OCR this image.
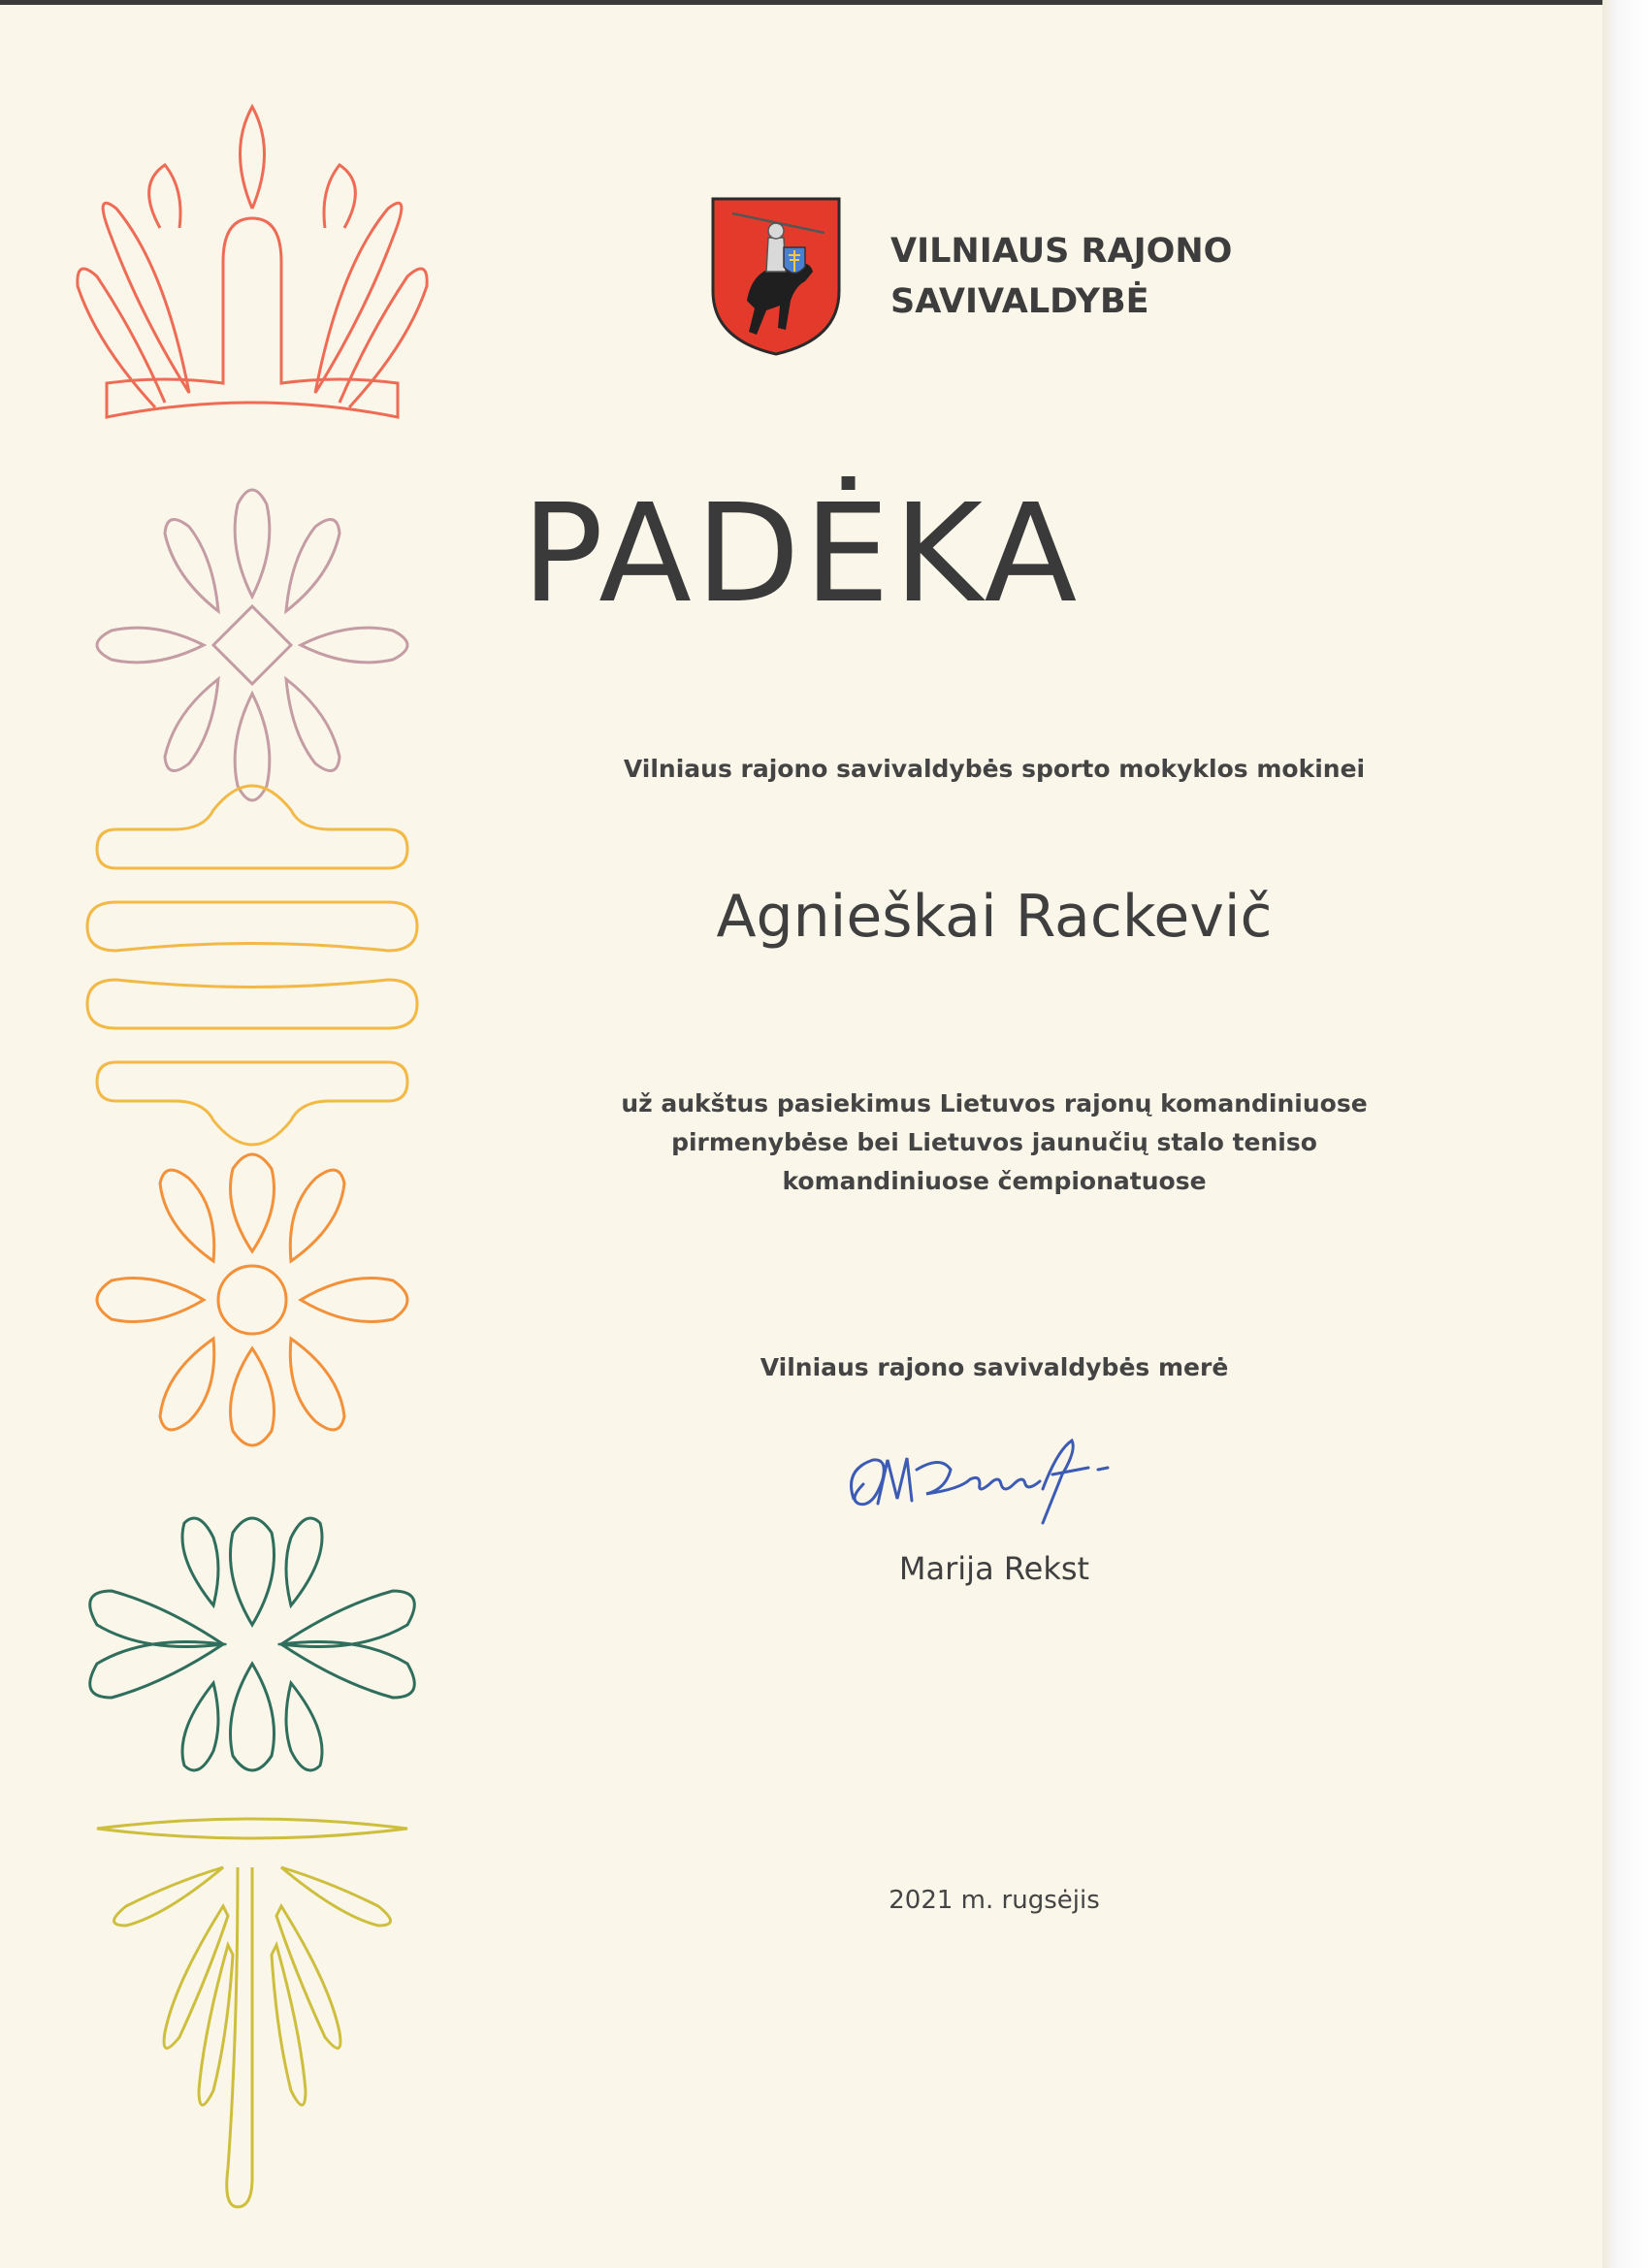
VILNIAUS RAJONO
SAVIVALDYBĖ
PADĖKA
Vilniaus rajono savivaldybės sporto mokyklos mokinei
Agnieškai Rackevič
už aukštus pasiekimus Lietuvos rajonų komandiniuose
pirmenybėse bei Lietuvos jaunučių stalo teniso
komandiniuose čempionatuose
Vilniaus rajono savivaldybės merė
Marija Rekst
2021 m. rugsėjis
